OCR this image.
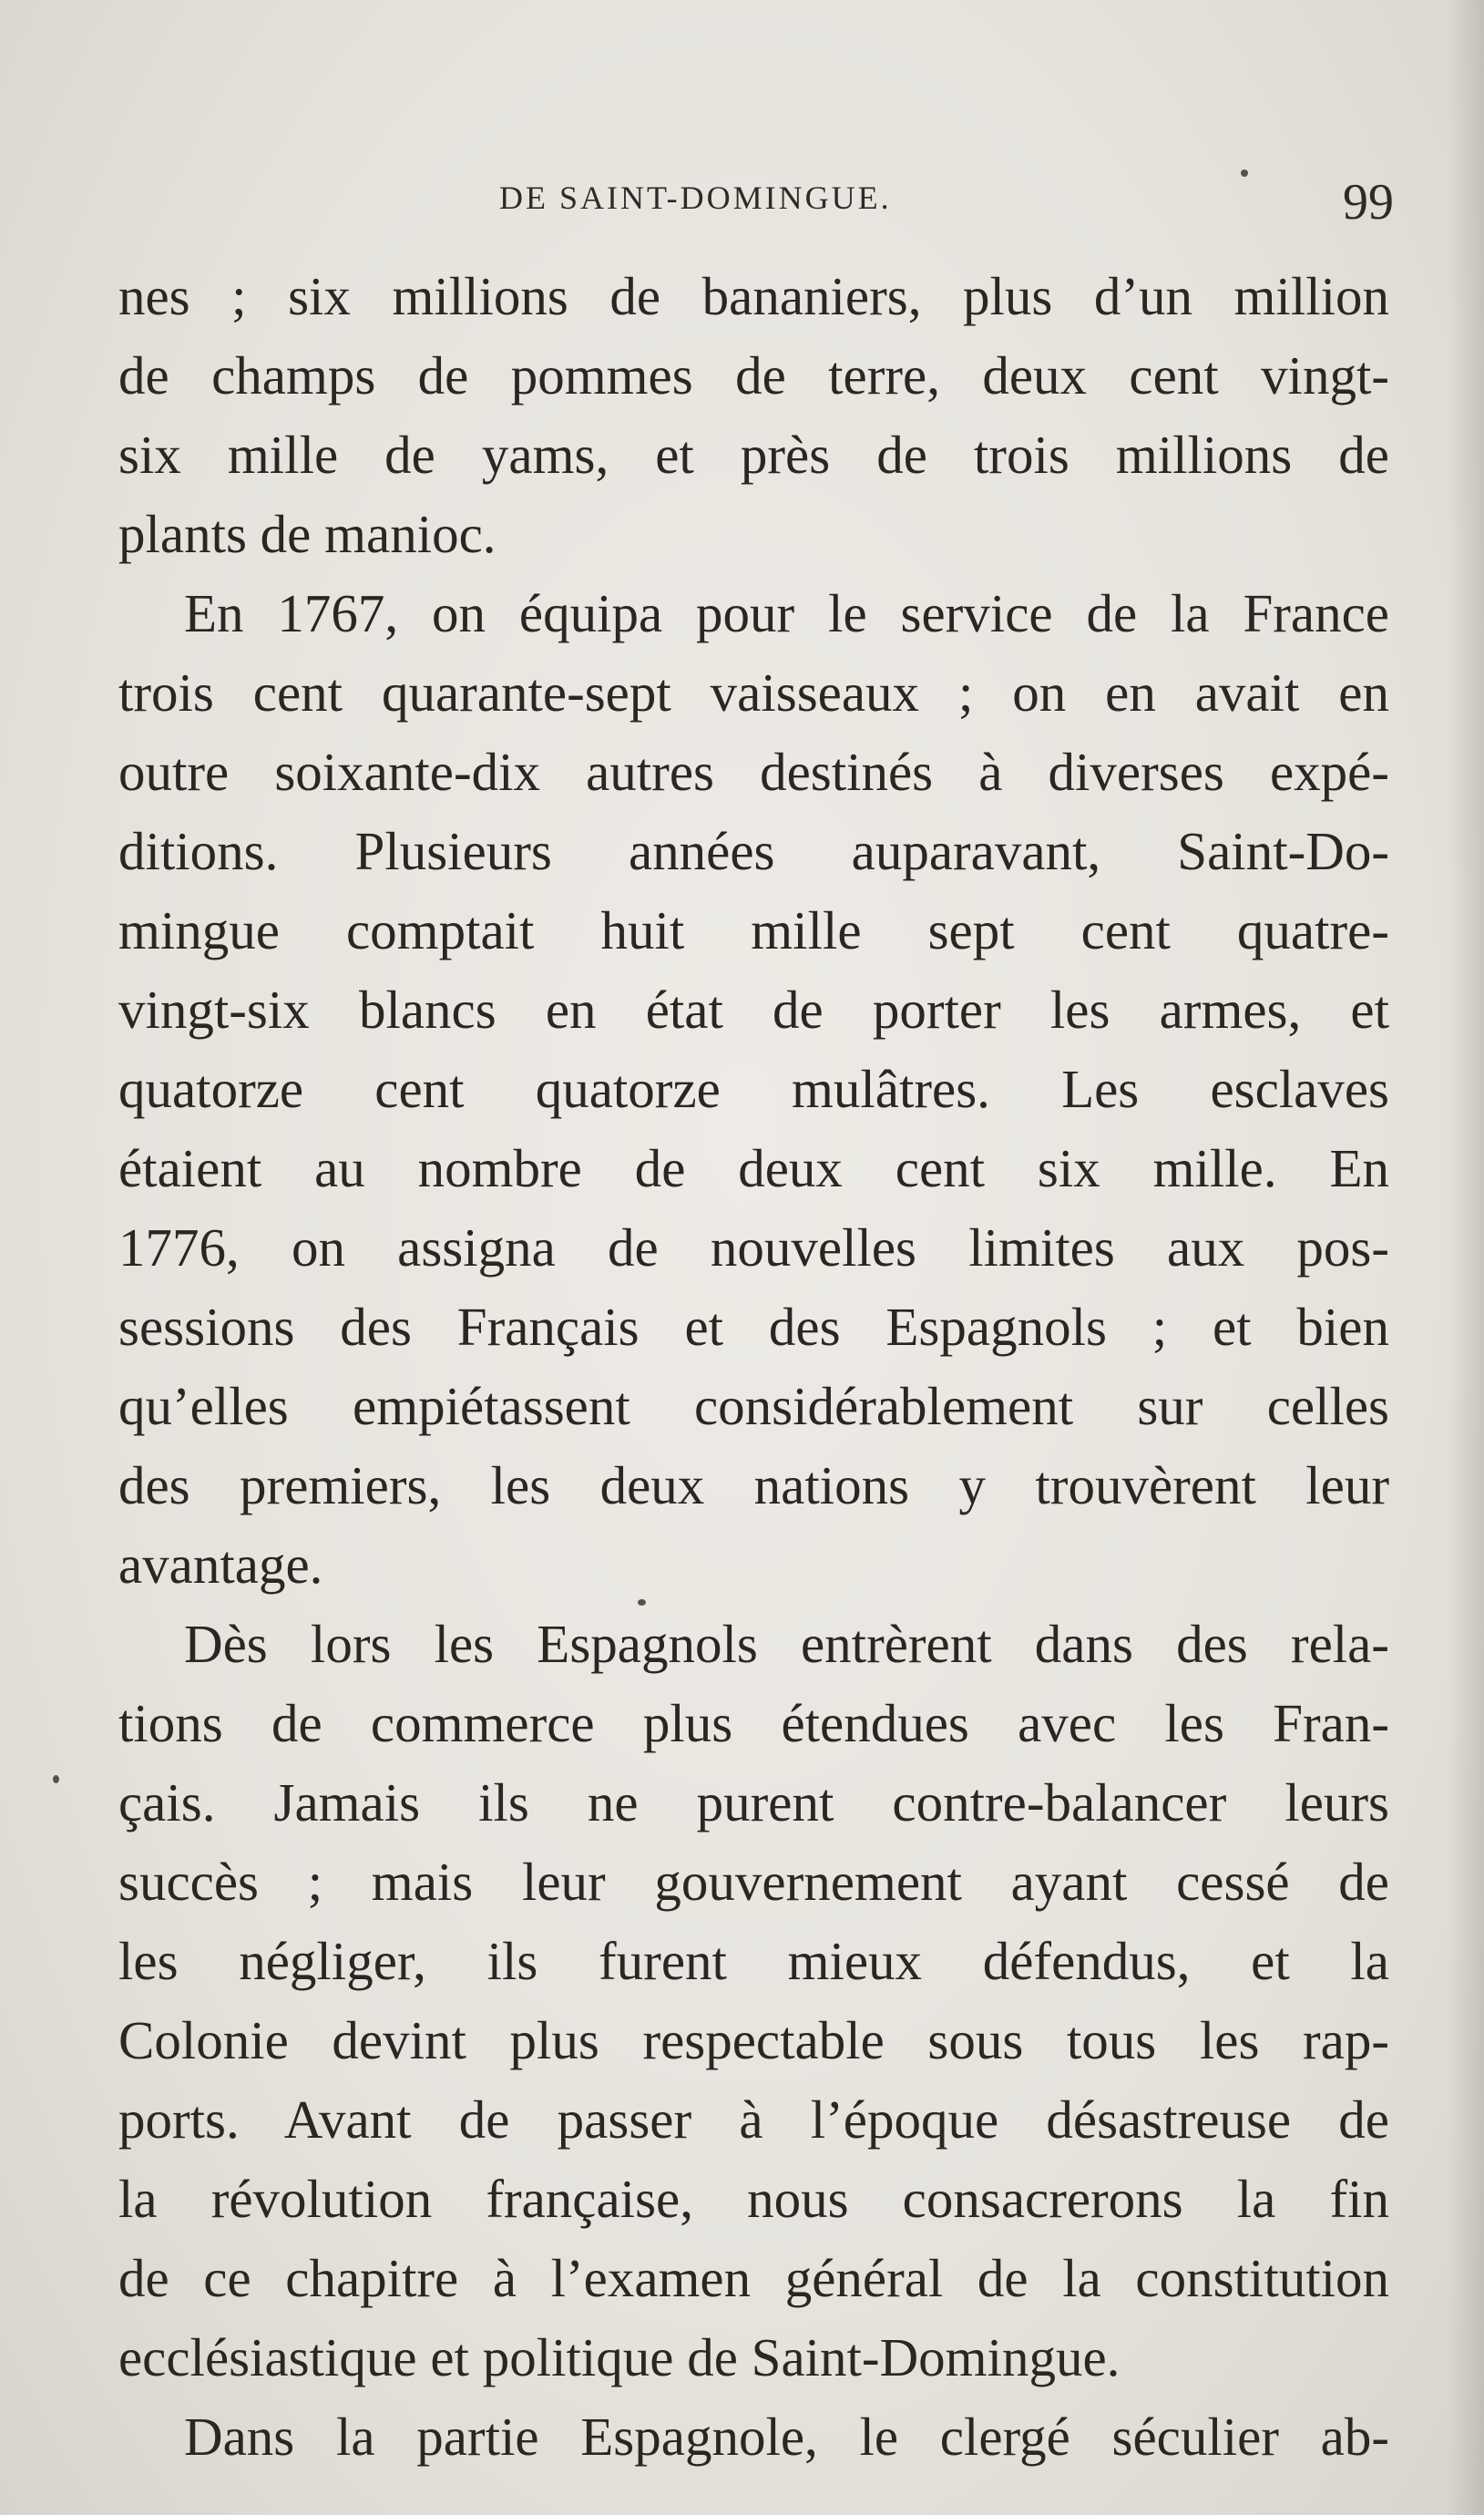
DE SAINT-DOMINGUE.	99
nes ; six millions de bananiers, plus d’un million
de champs de pommes de terre, deux cent vingt-
six mille de yams, et près de trois millions de
plants de manioc.
En 1767, on équipa pour le service de la France
trois cent quarante-sept vaisseaux ; on en avait en
outre soixante-dix autres destinés à diverses expé-
ditions. Plusieurs années auparavant, Saint-Do-
mingue comptait huit mille sept cent quatre-
vingt-six blancs en état de porter les armes, et
quatorze cent quatorze mulâtres. Les esclaves
étaient au nombre de deux cent six mille. En
1776, on assigna de nouvelles limites aux pos-
sessions des Français et des Espagnols ; et bien
qu’elles empiétassent considérablement sur celles
des premiers, les deux nations y trouvèrent leur
avantage.
Dès lors les Espagnols entrèrent dans des rela-
tions de commerce plus étendues avec les Fran-
çais. Jamais ils ne purent contre-balancer leurs
succès ; mais leur gouvernement ayant cessé de
les négliger, ils furent mieux défendus, et la
Colonie devint plus respectable sous tous les rap-
ports. Avant de passer à l’époque désastreuse de
la révolution française, nous consacrerons la fin
de ce chapitre à l’examen général de la constitution
ecclésiastique et politique de Saint-Domingue.
Dans la partie Espagnole, le clergé séculier ab-
